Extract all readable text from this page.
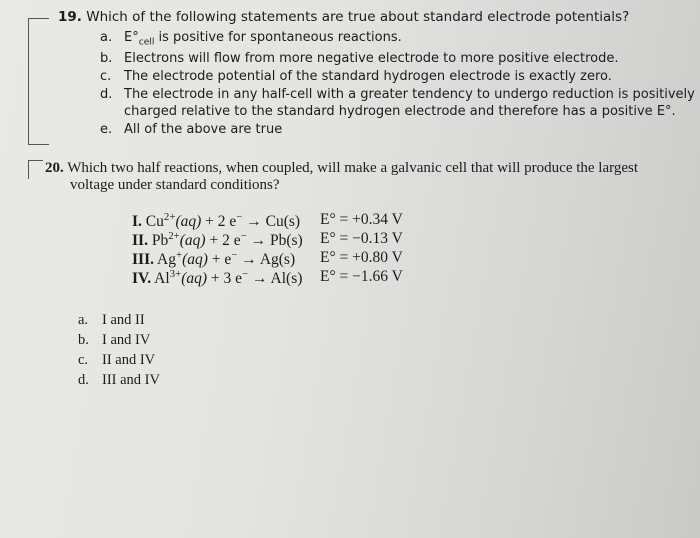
19. Which of the following statements are true about standard electrode potentials?
a. $E^\circ_{cell}$ is positive for spontaneous reactions.
b. Electrons will flow from more negative electrode to more positive electrode.
c. The electrode potential of the standard hydrogen electrode is exactly zero.
d. The electrode in any half-cell with a greater tendency to undergo reduction is positively
charged relative to the standard hydrogen electrode and therefore has a positive E°.
e. All of the above are true
20. Which two half reactions, when coupled, will make a galvanic cell that will produce the largest
voltage under standard conditions?
I. $Cu^{2+}(aq) + 2$ e− → Cu(s) E° = +0.34 V
II. $Pb^{2+}(aq) + 2$ e− → Pb(s) E° = −0.13 V
III. Ag+(aq) + e− → Ag(s) E° = +0.80 V
IV. $Al^{3+}(aq) + 3$ e− → Al(s) E° = −1.66 V
a. I and II
b. I and IV
c. II and IV
d. III and IV
